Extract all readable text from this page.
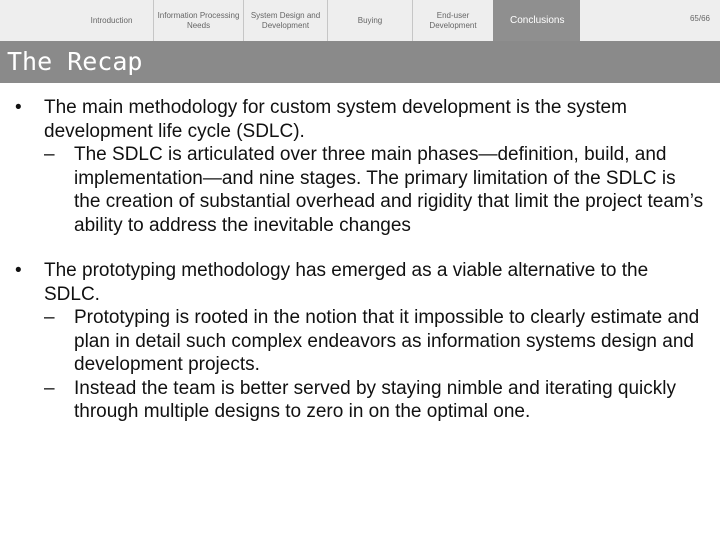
Introduction
Information Processing Needs
System Design and Development
Buying
End-user Development	Conclusions	65/66
The Recap
• The main methodology for custom system development is the system development life cycle (SDLC).
– The SDLC is articulated over three main phases—definition, build, and implementation—and nine stages. The primary limitation of the SDLC is the creation of substantial overhead and rigidity that limit the project team’s ability to address the inevitable changes
• The prototyping methodology has emerged as a viable alternative to the SDLC.
– Prototyping is rooted in the notion that it impossible to clearly estimate and plan in detail such complex endeavors as information systems design and development projects.
– Instead the team is better served by staying nimble and iterating quickly through multiple designs to zero in on the optimal one.
